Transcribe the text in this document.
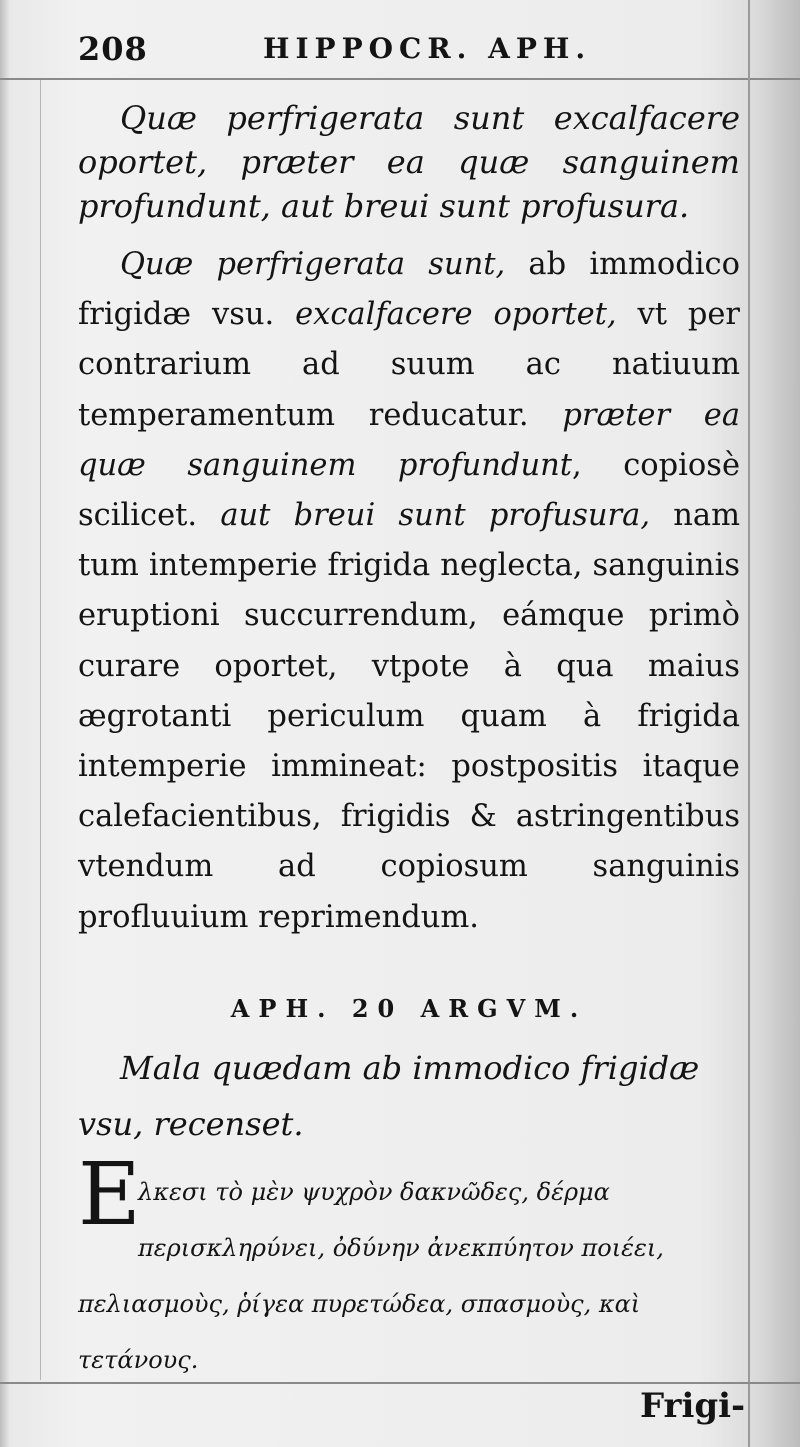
208	HIPPOCR. APH.
Quæ perfrigerata sunt excalfacere oportet, præter ea quæ sanguinem profundunt, aut breui sunt profusura.
Quæ perfrigerata sunt, ab immodico frigidæ vsu. excalfacere oportet, vt per contrarium ad suum ac natiuum temperamentum reducatur. præter ea quæ sanguinem profundunt, copiosè scilicet. aut breui sunt profusura, nam tum intemperie frigida neglecta, sanguinis eruptioni succurrendum, eámque primò curare oportet, vtpote à qua maius ægrotanti periculum quam à frigida intemperie immineat: postpositis itaque calefacientibus, frigidis & astringentibus vtendum ad copiosum sanguinis profluuium reprimendum.
APH. 20 ARGVM.
Mala quædam ab immodico frigidæ vsu, recenset.
E
λκεσι τὸ μὲν ψυχρὸν δακνῶδες, δέρμα
περισκληρύνει, ὀδύνην ἀνεκπύητον ποιέει,
πελιασμοὺς, ῥίγεα πυρετώδεα, σπασμοὺς, καὶ
τετάνους.
Frigi-
